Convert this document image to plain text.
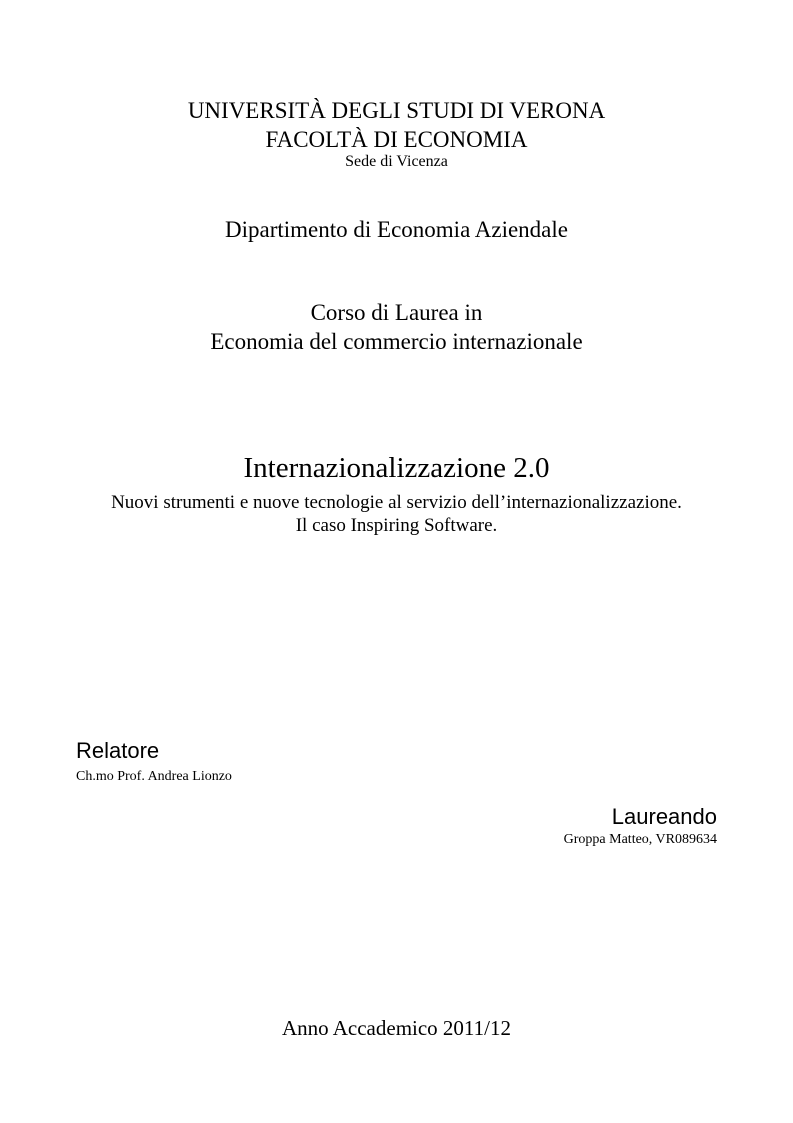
UNIVERSITÀ DEGLI STUDI DI VERONA
FACOLTÀ DI ECONOMIA
Sede di Vicenza
Dipartimento di Economia Aziendale
Corso di Laurea in
Economia del commercio internazionale
Internazionalizzazione 2.0
Nuovi strumenti e nuove tecnologie al servizio dell’internazionalizzazione.
Il caso Inspiring Software.
Relatore
Ch.mo Prof. Andrea Lionzo
Laureando
Groppa Matteo, VR089634
Anno Accademico 2011/12
